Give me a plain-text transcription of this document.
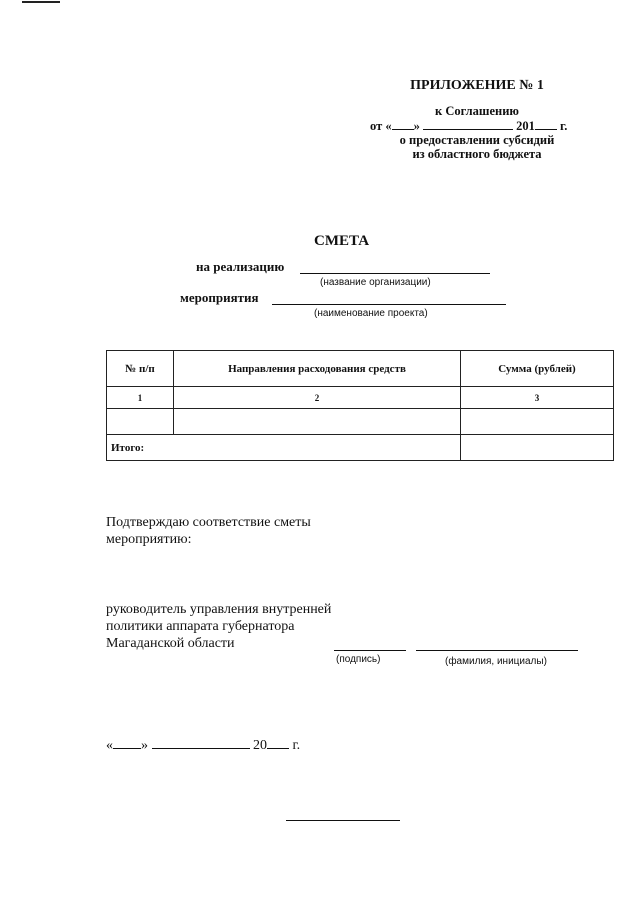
ПРИЛОЖЕНИЕ № 1
к Соглашению
от « »	201 г.
о предоставлении субсидий
из областного бюджета
СМЕТА
на реализацию
(название организации)
мероприятия
(наименование проекта)
№ п/п	Направления расходования средств	Сумма (рублей)
1	2	3

Итого:		
Подтверждаю соответствие сметы
мероприятию:
руководитель управления внутренней
политики аппарата губернатора
Магаданской области
(подпись)	(фамилия, инициалы)
« »	20 г.
